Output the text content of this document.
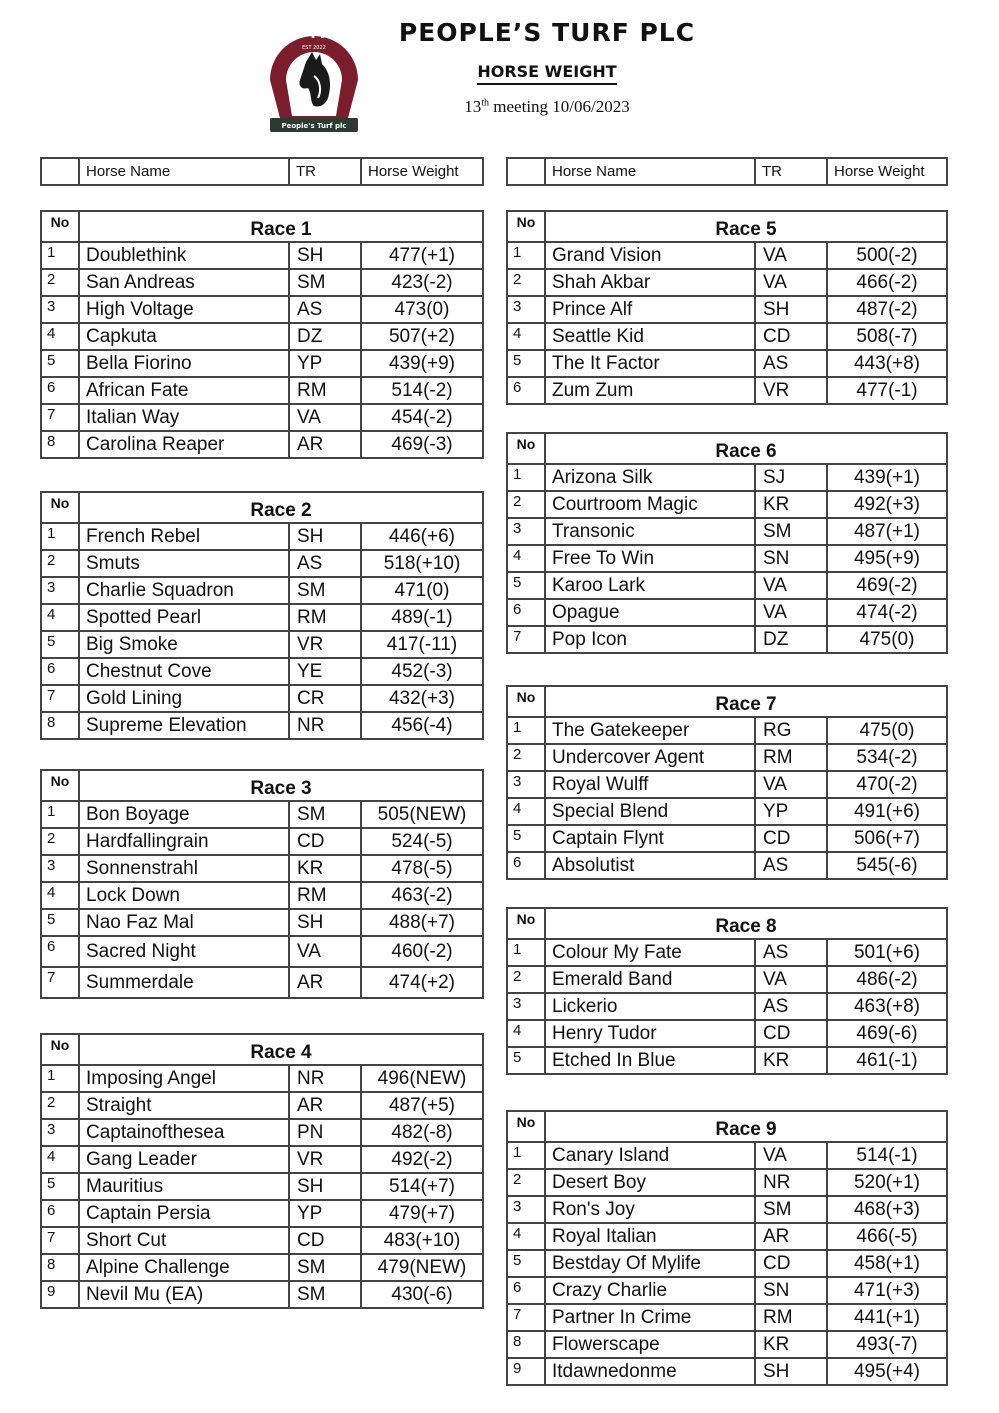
PTP
EST 2022
People's Turf plc
PEOPLE’S TURF PLC
HORSE WEIGHT
13th meeting 10/06/2023
	Horse Name	TR	Horse Weight
		Horse Name	TR	Horse Weight
No	Race 1		
1	Doublethink	SH	477(+1)
2	San Andreas	SM	423(-2)
3	High Voltage	AS	473(0)
4	Capkuta	DZ	507(+2)
5	Bella Fiorino	YP	439(+9)
6	African Fate	RM	514(-2)
7	Italian Way	VA	454(-2)
8	Carolina Reaper	AR	469(-3)
No	Race 2		
1	French Rebel	SH	446(+6)
2	Smuts	AS	518(+10)
3	Charlie Squadron	SM	471(0)
4	Spotted Pearl	RM	489(-1)
5	Big Smoke	VR	417(-11)
6	Chestnut Cove	YE	452(-3)
7	Gold Lining	CR	432(+3)
8	Supreme Elevation	NR	456(-4)
No	Race 3		
1	Bon Boyage	SM	505(NEW)
2	Hardfallingrain	CD	524(-5)
3	Sonnenstrahl	KR	478(-5)
4	Lock Down	RM	463(-2)
5	Nao Faz Mal	SH	488(+7)
6	Sacred Night	VA	460(-2)
7	Summerdale	AR	474(+2)
No	Race 4		
1	Imposing Angel	NR	496(NEW)
2	Straight	AR	487(+5)
3	Captainofthesea	PN	482(-8)
4	Gang Leader	VR	492(-2)
5	Mauritius	SH	514(+7)
6	Captain Persia	YP	479(+7)
7	Short Cut	CD	483(+10)
8	Alpine Challenge	SM	479(NEW)
9	Nevil Mu (EA)	SM	430(-6)
No	Race 5		
1	Grand Vision	VA	500(-2)
2	Shah Akbar	VA	466(-2)
3	Prince Alf	SH	487(-2)
4	Seattle Kid	CD	508(-7)
5	The It Factor	AS	443(+8)
6	Zum Zum	VR	477(-1)
No	Race 6		
1	Arizona Silk	SJ	439(+1)
2	Courtroom Magic	KR	492(+3)
3	Transonic	SM	487(+1)
4	Free To Win	SN	495(+9)
5	Karoo Lark	VA	469(-2)
6	Opague	VA	474(-2)
7	Pop Icon	DZ	475(0)
No	Race 7		
1	The Gatekeeper	RG	475(0)
2	Undercover Agent	RM	534(-2)
3	Royal Wulff	VA	470(-2)
4	Special Blend	YP	491(+6)
5	Captain Flynt	CD	506(+7)
6	Absolutist	AS	545(-6)
No	Race 8		
1	Colour My Fate	AS	501(+6)
2	Emerald Band	VA	486(-2)
3	Lickerio	AS	463(+8)
4	Henry Tudor	CD	469(-6)
5	Etched In Blue	KR	461(-1)
No	Race 9		
1	Canary Island	VA	514(-1)
2	Desert Boy	NR	520(+1)
3	Ron's Joy	SM	468(+3)
4	Royal Italian	AR	466(-5)
5	Bestday Of Mylife	CD	458(+1)
6	Crazy Charlie	SN	471(+3)
7	Partner In Crime	RM	441(+1)
8	Flowerscape	KR	493(-7)
9	Itdawnedonme	SH	495(+4)
